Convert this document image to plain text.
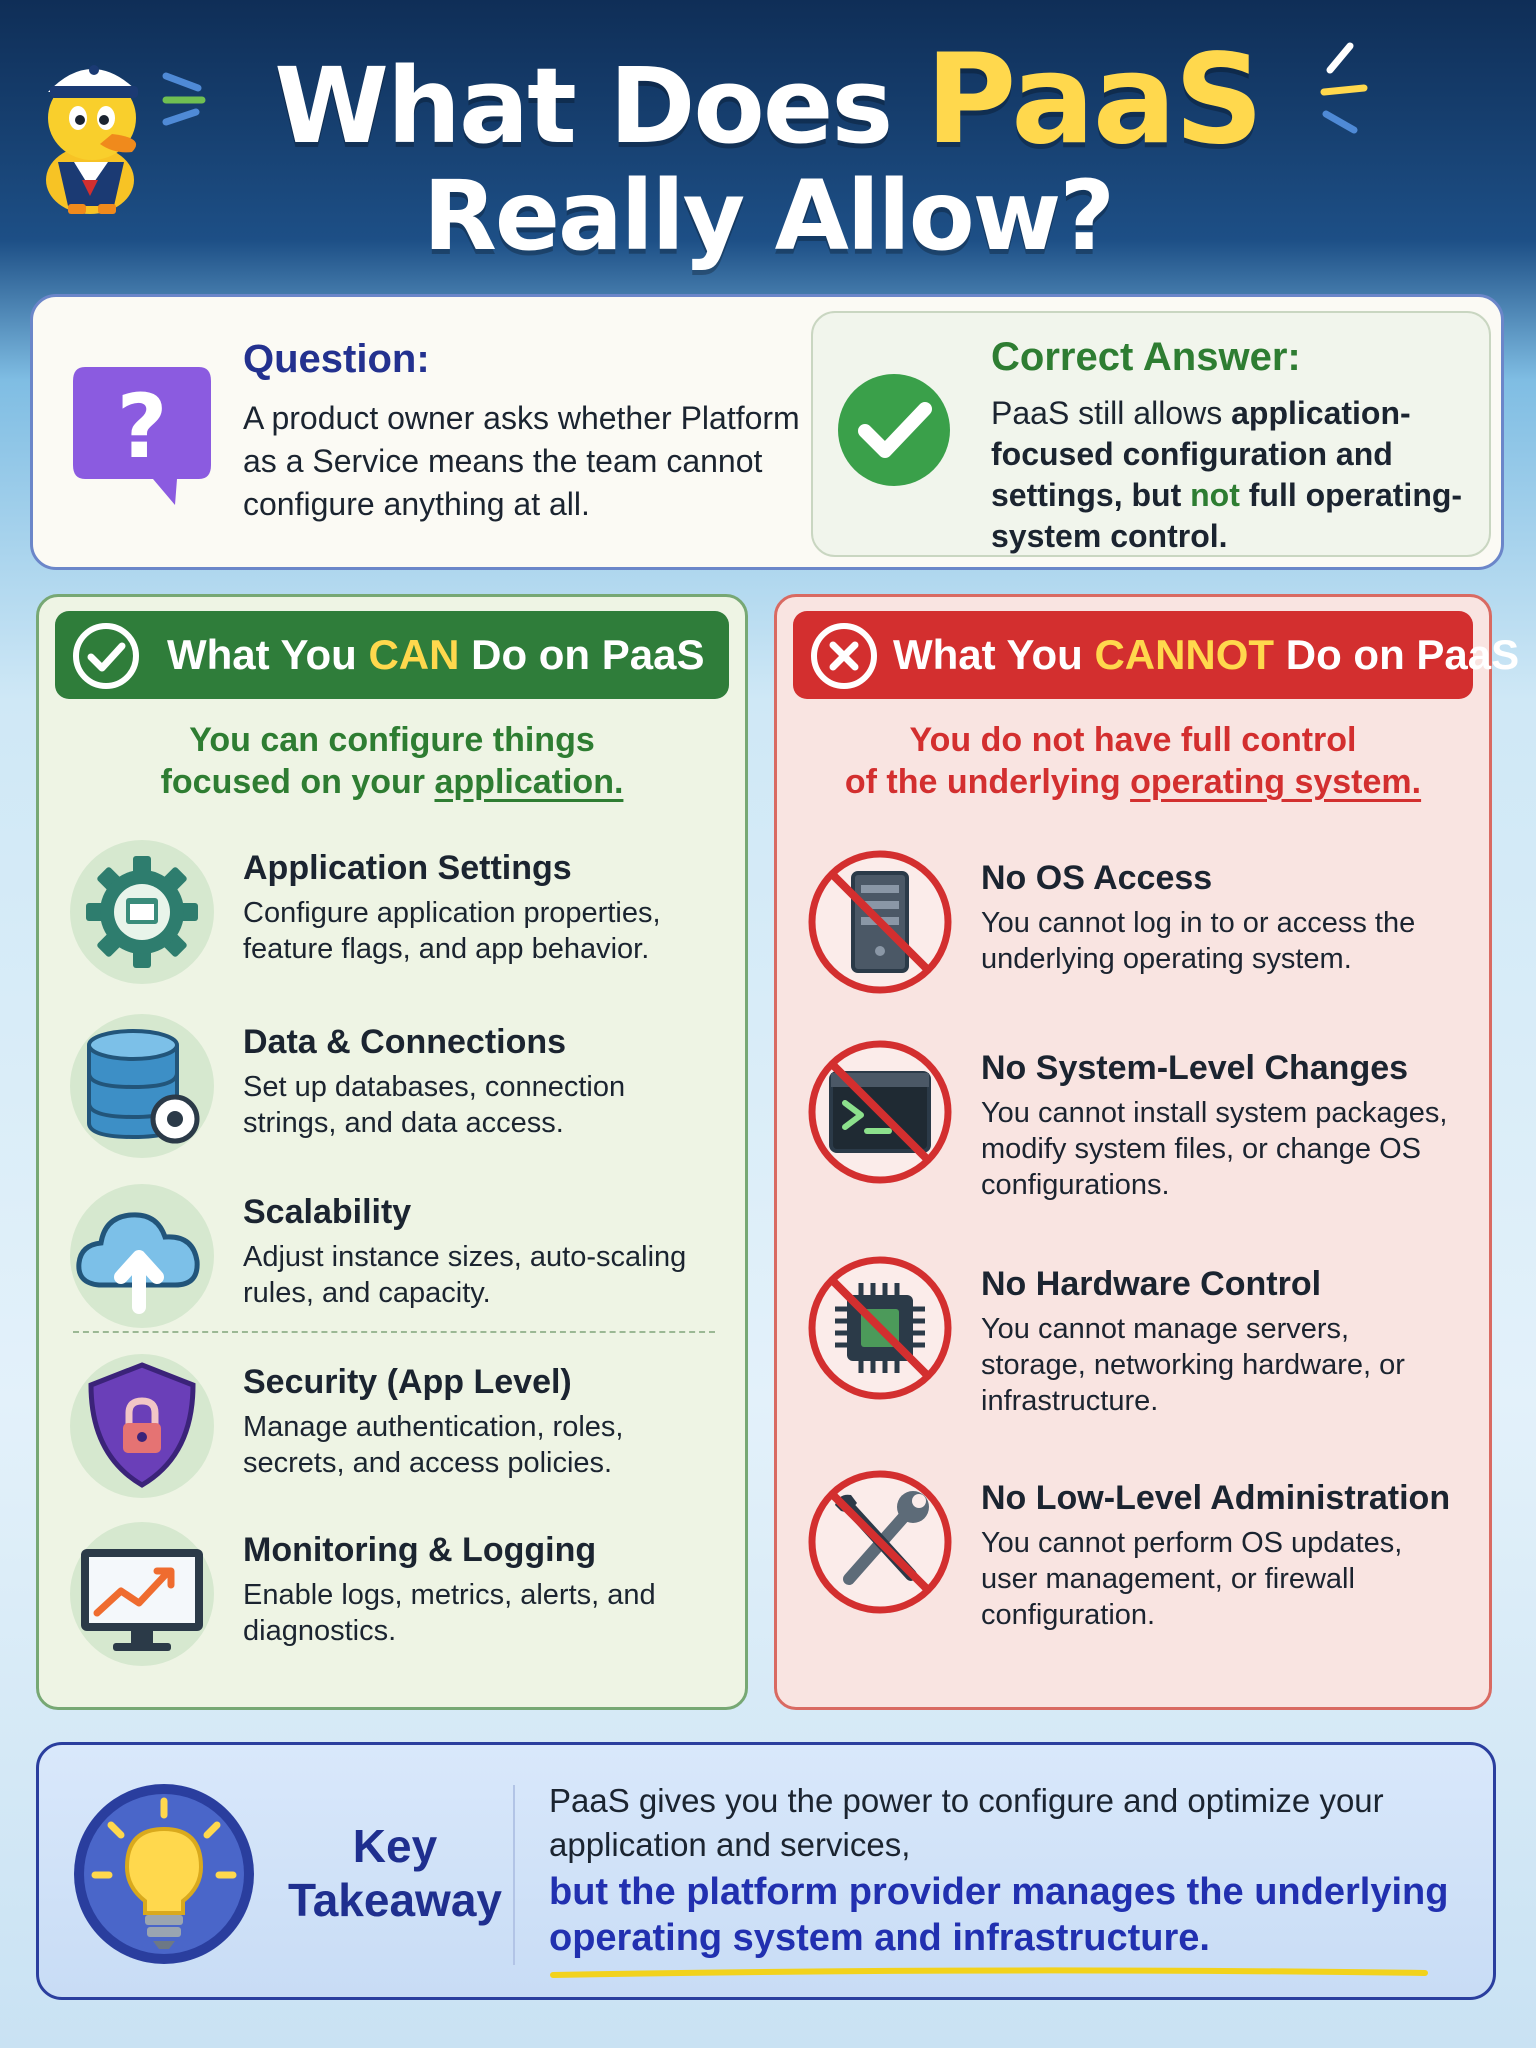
What Does PaaS
Really Allow?
?
Question:
A product owner asks whether Platform as a Service means the team cannot configure anything at all.
Correct Answer:
PaaS still allows application-focused configuration and settings, but not full operating-system control.
What You CAN Do on PaaS
You can configure things
focused on your application.
Application Settings
Configure application properties, feature flags, and app behavior.
Data & Connections
Set up databases, connection strings, and data access.
Scalability
Adjust instance sizes, auto-scaling rules, and capacity.
Security (App Level)
Manage authentication, roles, secrets, and access policies.
Monitoring & Logging
Enable logs, metrics, alerts, and diagnostics.
What You CANNOT Do on PaaS
You do not have full control
of the underlying operating system.
No OS Access
You cannot log in to or access the underlying operating system.
No System-Level Changes
You cannot install system packages, modify system files, or change OS configurations.
No Hardware Control
You cannot manage servers, storage, networking hardware, or infrastructure.
No Low-Level Administration
You cannot perform OS updates, user management, or firewall configuration.
Key
Takeaway
PaaS gives you the power to configure and optimize your application and services,
but the platform provider manages the underlying operating system and infrastructure.
